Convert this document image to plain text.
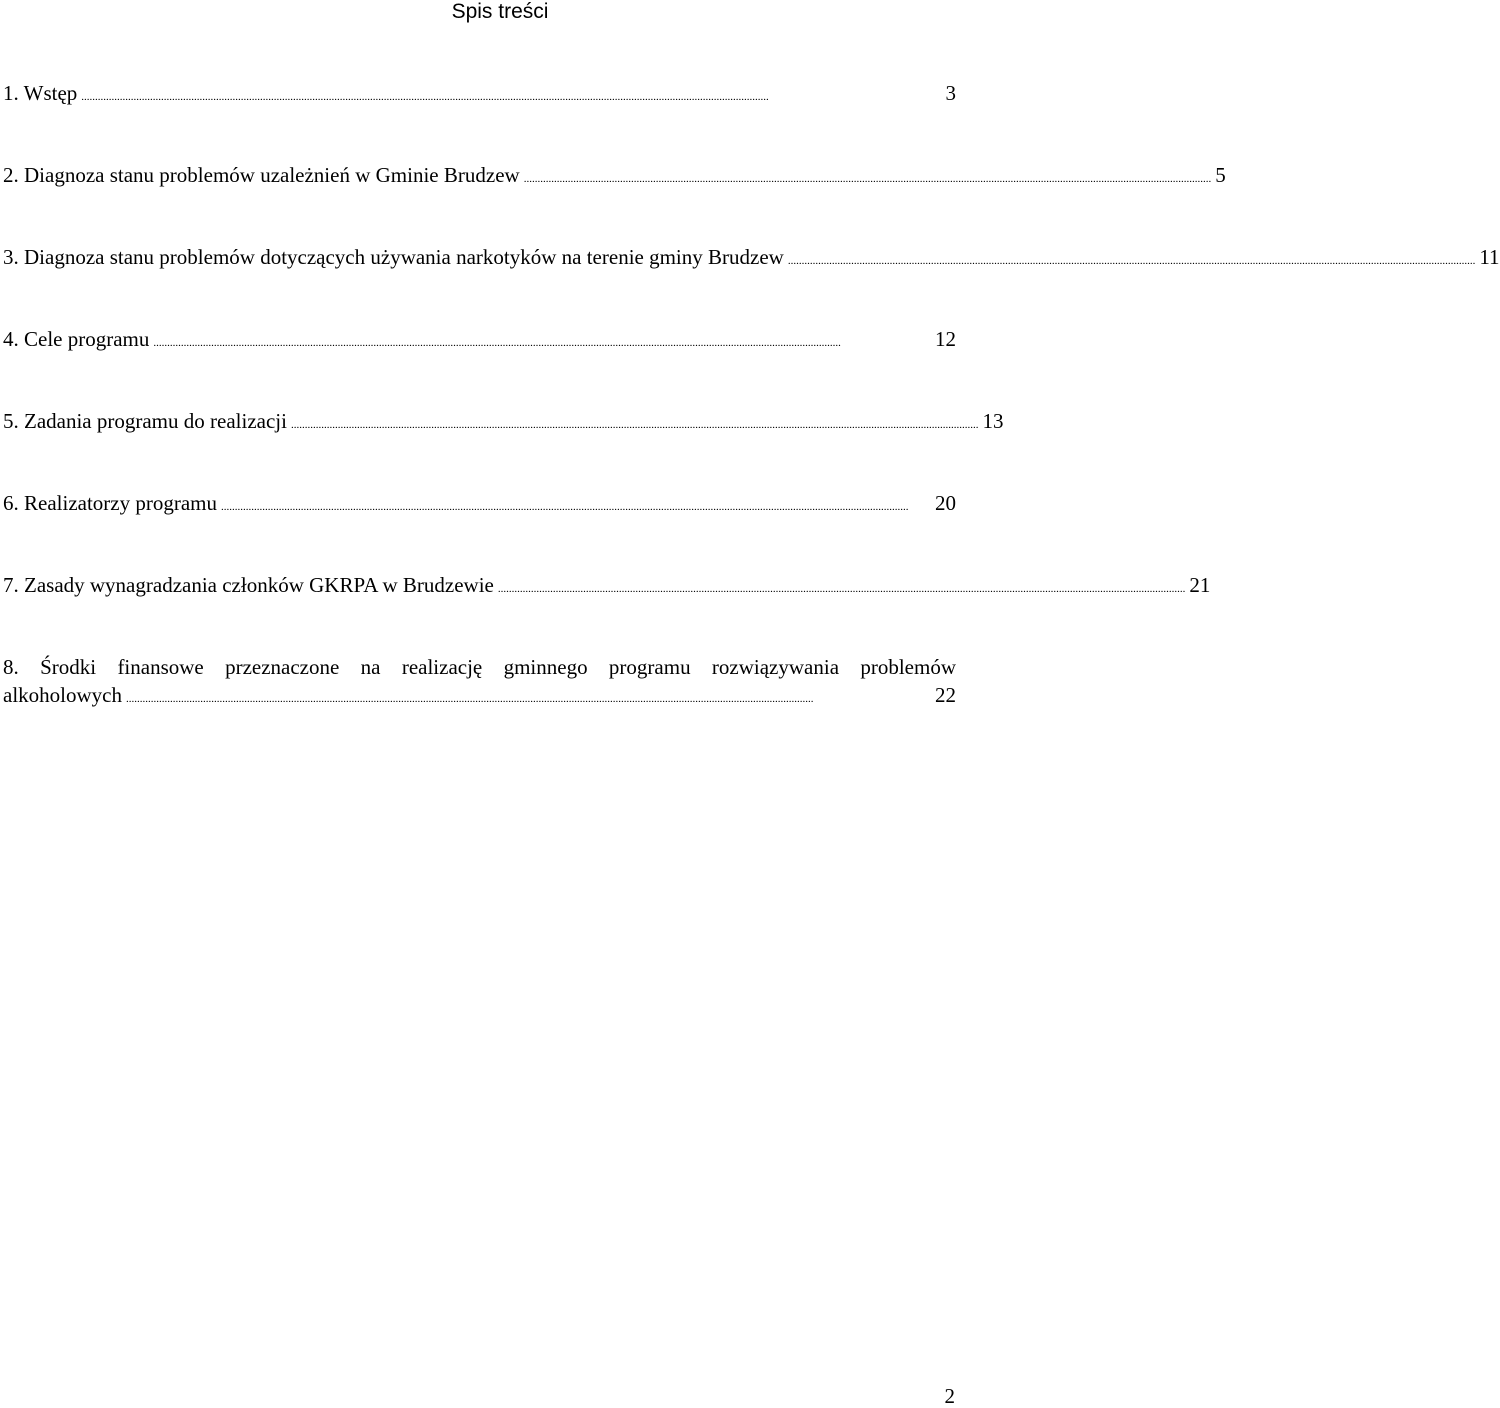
Spis treści
1. Wstęp ..........................................................................................................................................................................................................................................................	3
2. Diagnoza stanu problemów uzależnień w Gminie Brudzew .......................................................................................................................................................................................................................................................... 5
3. Diagnoza stanu problemów dotyczących używania narkotyków na terenie gminy Brudzew .......................................................................................................................................................................................................................................................... 11
4. Cele programu ..........................................................................................................................................................................................................................................................	12
5. Zadania programu do realizacji .......................................................................................................................................................................................................................................................... 13
6. Realizatorzy programu ..........................................................................................................................................................................................................................................................	20
7. Zasady wynagradzania członków GKRPA w Brudzewie .......................................................................................................................................................................................................................................................... 21
8. Środki finansowe przeznaczone na realizację gminnego programu rozwiązywania problemów
alkoholowych ..........................................................................................................................................................................................................................................................	22
2
